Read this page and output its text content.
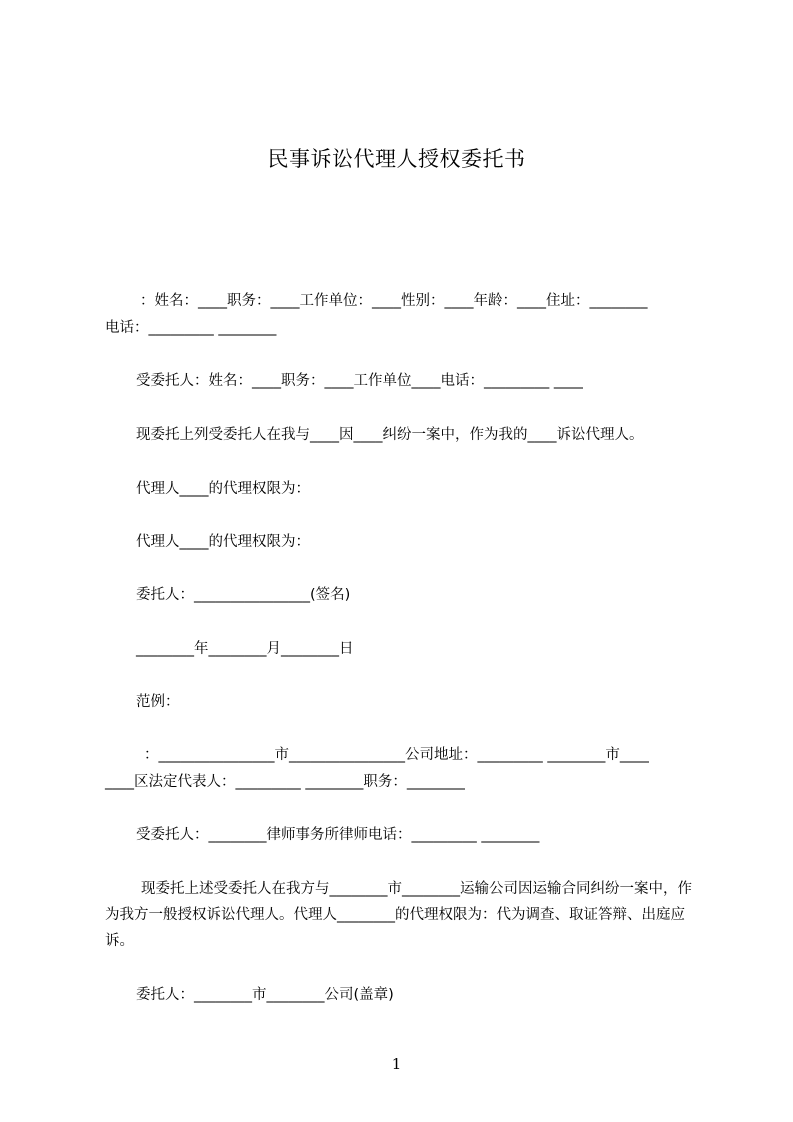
民事诉讼代理人授权委托书
：姓名：____职务：____工作单位：____性别：____年龄：____住址：________
电话：_________ ________
受委托人：姓名：____职务：____工作单位____电话：_________ ____
现委托上列受委托人在我与____因____纠纷一案中，作为我的____诉讼代理人。
代理人____的代理权限为：
代理人____的代理权限为：
委托人：________________(签名)
________年________月________日
范例：
：________________市________________公司地址：_________ ________市____
____区法定代表人：_________ ________职务：________
受委托人：________律师事务所律师电话：_________ ________
现委托上述受委托人在我方与________市________运输公司因运输合同纠纷一案中，作为我方一般授权诉讼代理人。代理人________的代理权限为：代为调查、取证答辩、出庭应诉。
委托人：________市________公司(盖章)
1
